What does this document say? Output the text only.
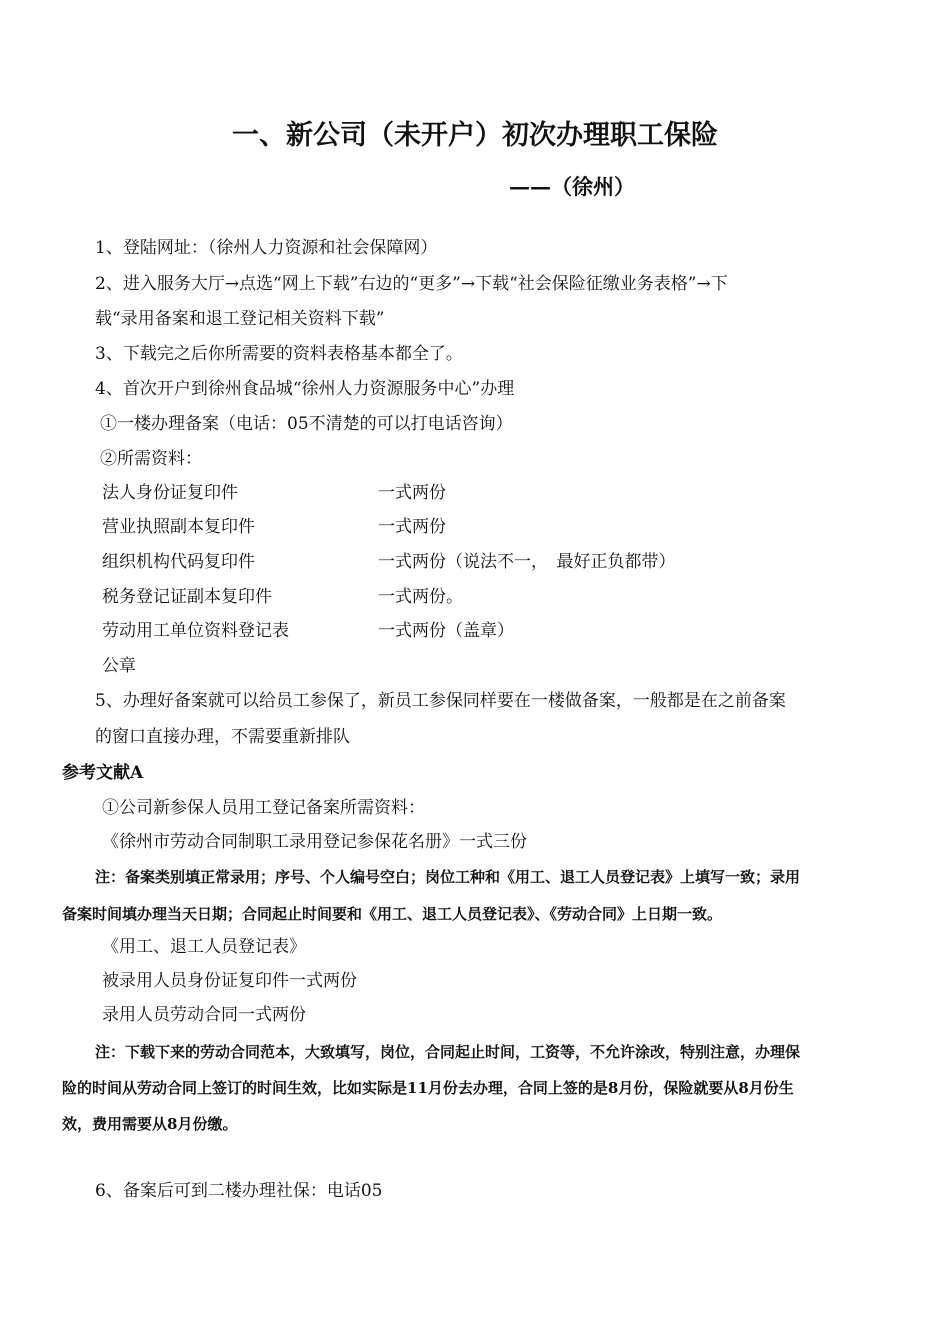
一、新公司（未开户）初次办理职工保险
——（徐州）
1、登陆网址：（徐州人力资源和社会保障网）
2、进入服务大厅→点选“网上下载”右边的“更多”→下载“社会保险征缴业务表格”→下
载“录用备案和退工登记相关资料下载”
3、下载完之后你所需要的资料表格基本都全了。
4、首次开户到徐州食品城“徐州人力资源服务中心”办理
①一楼办理备案（电话：05不清楚的可以打电话咨询）
②所需资料：
法人身份证复印件	一式两份
营业执照副本复印件	一式两份
组织机构代码复印件	一式两份（说法不一，　最好正负都带）
税务登记证副本复印件	一式两份。
劳动用工单位资料登记表	一式两份（盖章）
公章
5、办理好备案就可以给员工参保了，新员工参保同样要在一楼做备案，一般都是在之前备案
的窗口直接办理，不需要重新排队
参考文献A
①公司新参保人员用工登记备案所需资料：
《徐州市劳动合同制职工录用登记参保花名册》一式三份
注：备案类别填正常录用；序号、个人编号空白；岗位工种和《用工、退工人员登记表》上填写一致；录用
备案时间填办理当天日期；合同起止时间要和《用工、退工人员登记表》、《劳动合同》上日期一致。
《用工、退工人员登记表》
被录用人员身份证复印件一式两份
录用人员劳动合同一式两份
注：下载下来的劳动合同范本，大致填写，岗位，合同起止时间，工资等，不允许涂改，特别注意，办理保
险的时间从劳动合同上签订的时间生效，比如实际是11月份去办理，合同上签的是8月份，保险就要从8月份生
效，费用需要从8月份缴。
6、备案后可到二楼办理社保：电话05
